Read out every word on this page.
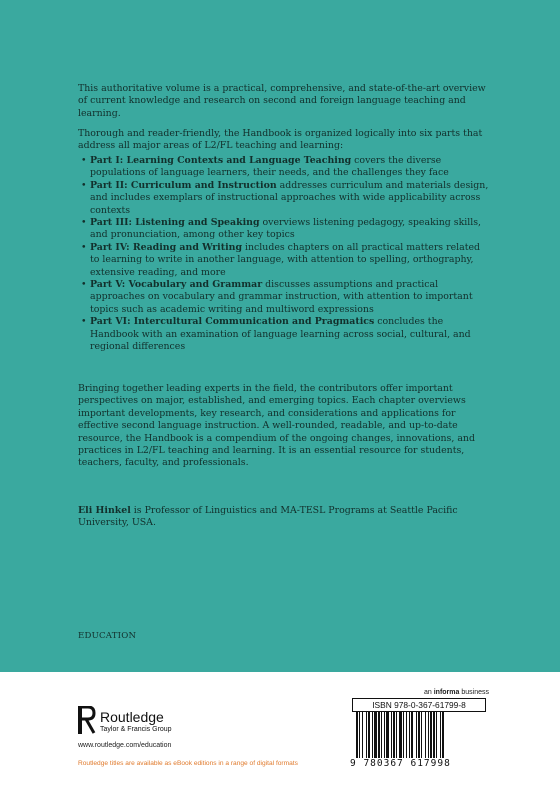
This authoritative volume is a practical, comprehensive, and state-of-the-art overview of current knowledge and research on second and foreign language teaching and learning.

Thorough and reader-friendly, the Handbook is organized logically into six parts that address all major areas of L2/FL teaching and learning:

• Part I: Learning Contexts and Language Teaching covers the diverse populations of language learners, their needs, and the challenges they face
• Part II: Curriculum and Instruction addresses curriculum and materials design, and includes exemplars of instructional approaches with wide applicability across contexts
• Part III: Listening and Speaking overviews listening pedagogy, speaking skills, and pronunciation, among other key topics
• Part IV: Reading and Writing includes chapters on all practical matters related to learning to write in another language, with attention to spelling, orthography, extensive reading, and more
• Part V: Vocabulary and Grammar discusses assumptions and practical approaches on vocabulary and grammar instruction, with attention to important topics such as academic writing and multiword expressions
• Part VI: Intercultural Communication and Pragmatics concludes the Handbook with an examination of language learning across social, cultural, and regional differences

Bringing together leading experts in the field, the contributors offer important perspectives on major, established, and emerging topics. Each chapter overviews important developments, key research, and considerations and applications for effective second language instruction. A well-rounded, readable, and up-to-date resource, the Handbook is a compendium of the ongoing changes, innovations, and practices in L2/FL teaching and learning. It is an essential resource for students, teachers, faculty, and professionals.

Eli Hinkel is Professor of Linguistics and MA-TESL Programs at Seattle Pacific University, USA.

EDUCATION
Routledge
Taylor & Francis Group
www.routledge.com/education
Routledge titles are available as eBook editions in a range of digital formats
an informa business
ISBN 978-0-367-61799-8
9 780367 617998
